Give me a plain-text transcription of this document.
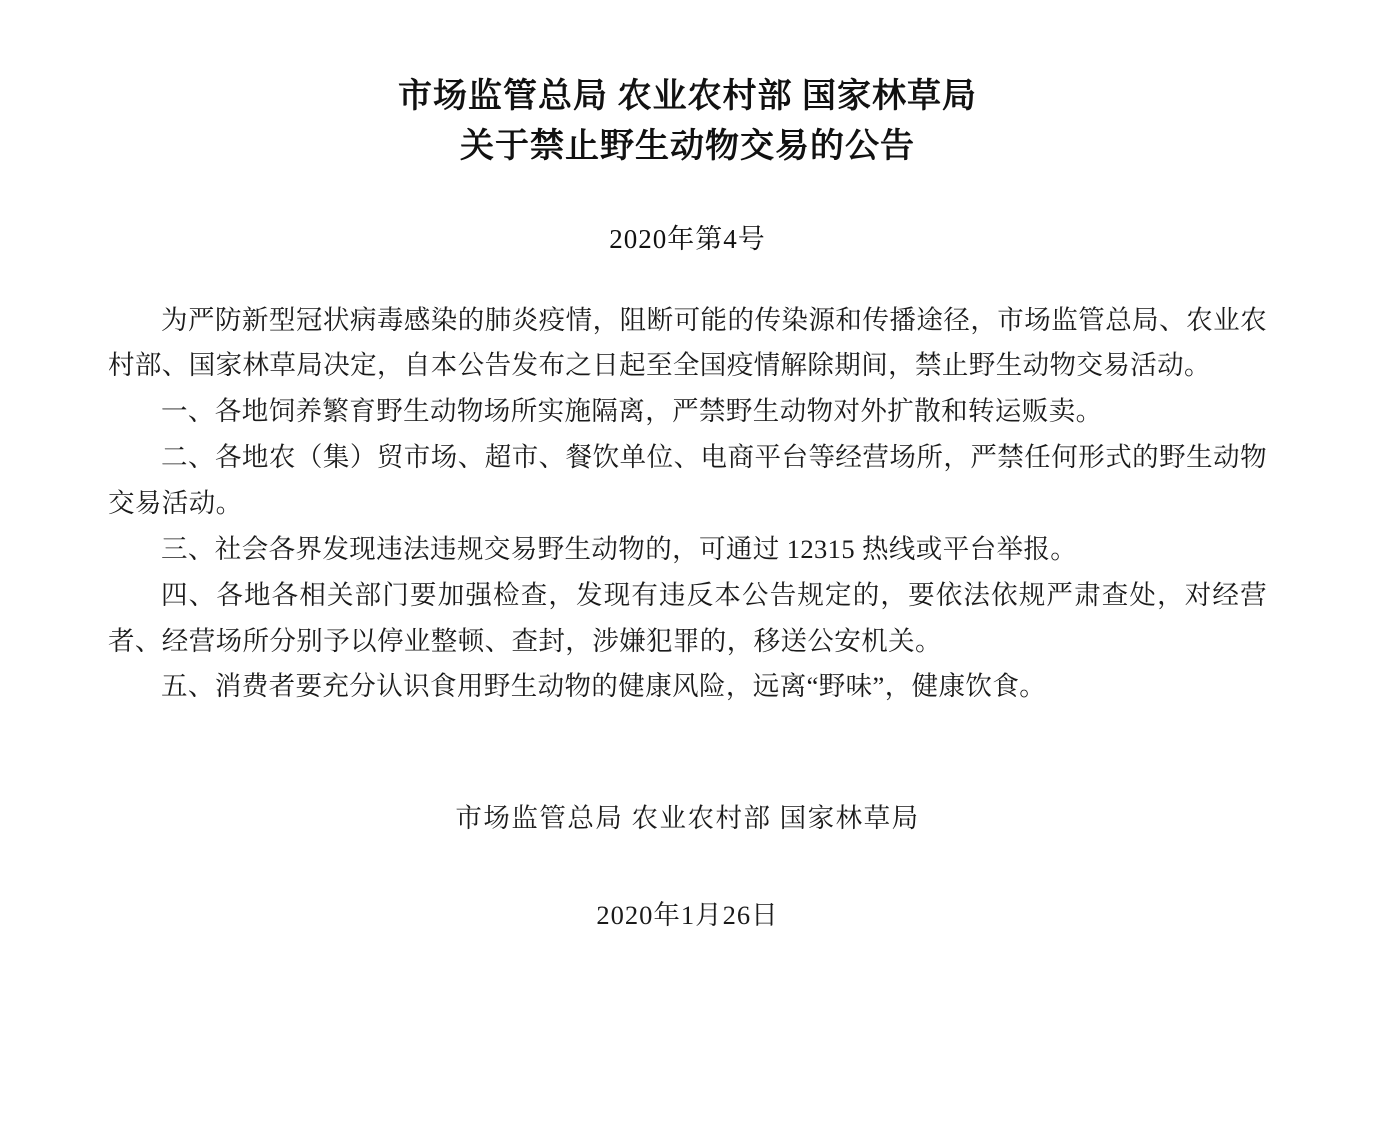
市场监管总局 农业农村部 国家林草局
关于禁止野生动物交易的公告
2020年第4号

为严防新型冠状病毒感染的肺炎疫情，阻断可能的传染源和传播途径，市场监管总局、农业农村部、国家林草局决定，自本公告发布之日起至全国疫情解除期间，禁止野生动物交易活动。

一、各地饲养繁育野生动物场所实施隔离，严禁野生动物对外扩散和转运贩卖。

二、各地农（集）贸市场、超市、餐饮单位、电商平台等经营场所，严禁任何形式的野生动物交易活动。

三、社会各界发现违法违规交易野生动物的，可通过 12315 热线或平台举报。

四、各地各相关部门要加强检查，发现有违反本公告规定的，要依法依规严肃查处，对经营者、经营场所分别予以停业整顿、查封，涉嫌犯罪的，移送公安机关。

五、消费者要充分认识食用野生动物的健康风险，远离“野味”，健康饮食。

市场监管总局 农业农村部 国家林草局
2020年1月26日
